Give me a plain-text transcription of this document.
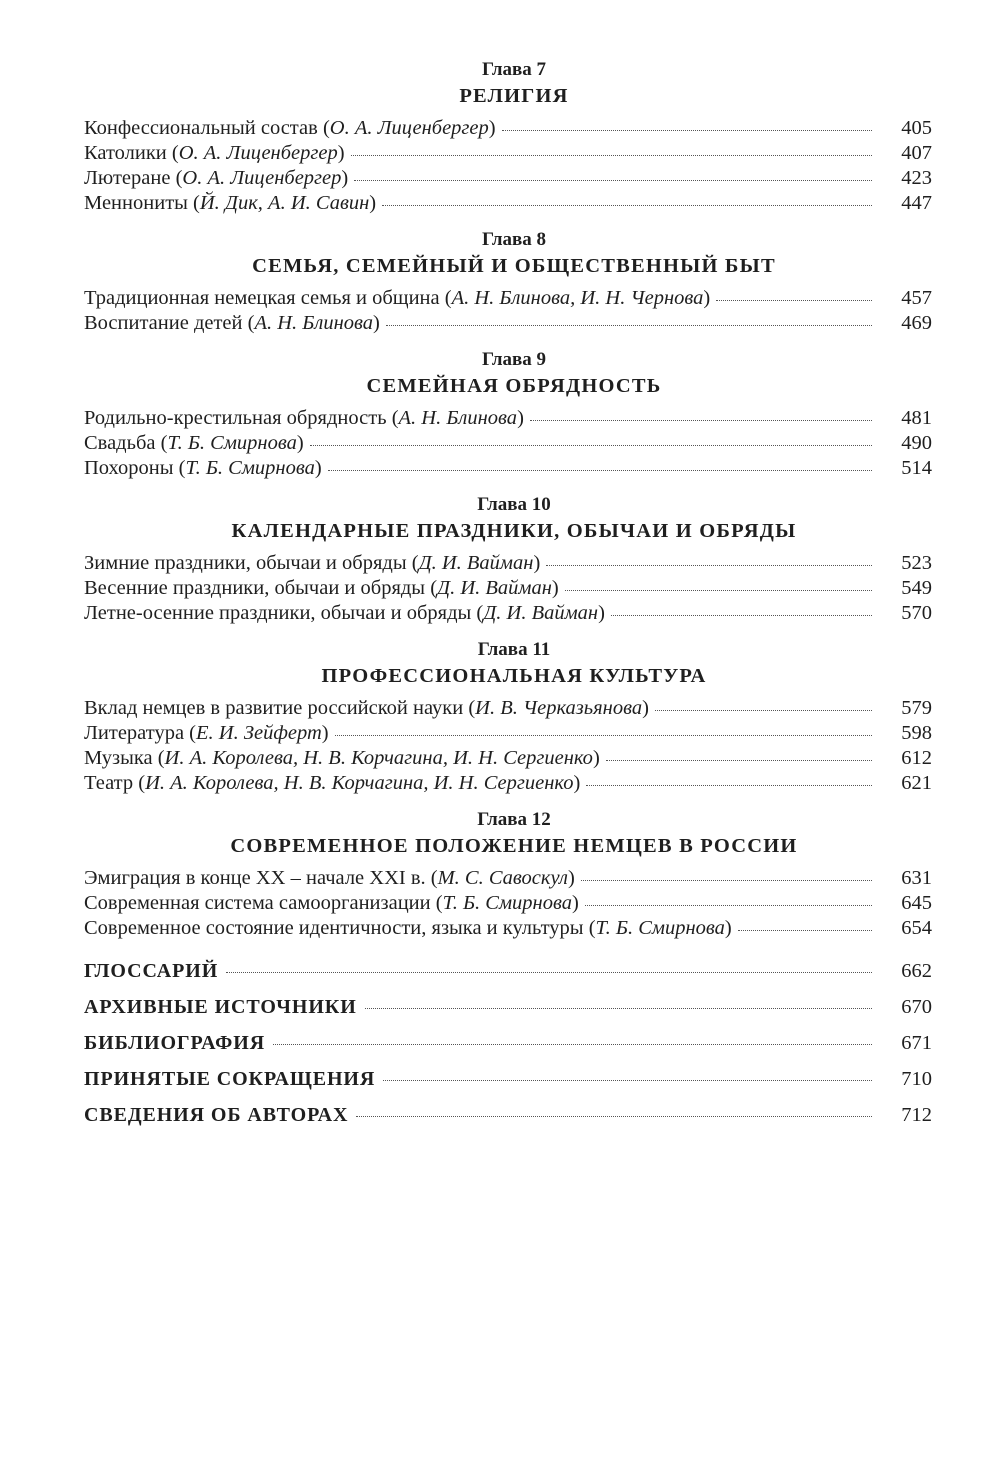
Глава 7
РЕЛИГИЯ
Конфессиональный состав (О. А. Лиценбергер)	405
Католики (О. А. Лиценбергер)	407
Лютеране (О. А. Лиценбергер)	423
Меннониты (Й. Дик, А. И. Савин)	447
Глава 8
СЕМЬЯ, СЕМЕЙНЫЙ И ОБЩЕСТВЕННЫЙ БЫТ
Традиционная немецкая семья и община (А. Н. Блинова, И. Н. Чернова)	457
Воспитание детей (А. Н. Блинова)	469
Глава 9
СЕМЕЙНАЯ ОБРЯДНОСТЬ
Родильно-крестильная обрядность (А. Н. Блинова)	481
Свадьба (Т. Б. Смирнова)	490
Похороны (Т. Б. Смирнова)	514
Глава 10
КАЛЕНДАРНЫЕ ПРАЗДНИКИ, ОБЫЧАИ И ОБРЯДЫ
Зимние праздники, обычаи и обряды (Д. И. Вайман)	523
Весенние праздники, обычаи и обряды (Д. И. Вайман)	549
Летне-осенние праздники, обычаи и обряды (Д. И. Вайман)	570
Глава 11
ПРОФЕССИОНАЛЬНАЯ КУЛЬТУРА
Вклад немцев в развитие российской науки (И. В. Черказьянова)	579
Литература (Е. И. Зейферт)	598
Музыка (И. А. Королева, Н. В. Корчагина, И. Н. Сергиенко)	612
Театр (И. А. Королева, Н. В. Корчагина, И. Н. Сергиенко)	621
Глава 12
СОВРЕМЕННОЕ ПОЛОЖЕНИЕ НЕМЦЕВ В РОССИИ
Эмиграция в конце XX – начале XXI в. (М. С. Савоскул)	631
Современная система самоорганизации (Т. Б. Смирнова)	645
Современное состояние идентичности, языка и культуры (Т. Б. Смирнова)	654
ГЛОССАРИЙ	662
АРХИВНЫЕ ИСТОЧНИКИ	670
БИБЛИОГРАФИЯ	671
ПРИНЯТЫЕ СОКРАЩЕНИЯ	710
СВЕДЕНИЯ ОБ АВТОРАХ	712
